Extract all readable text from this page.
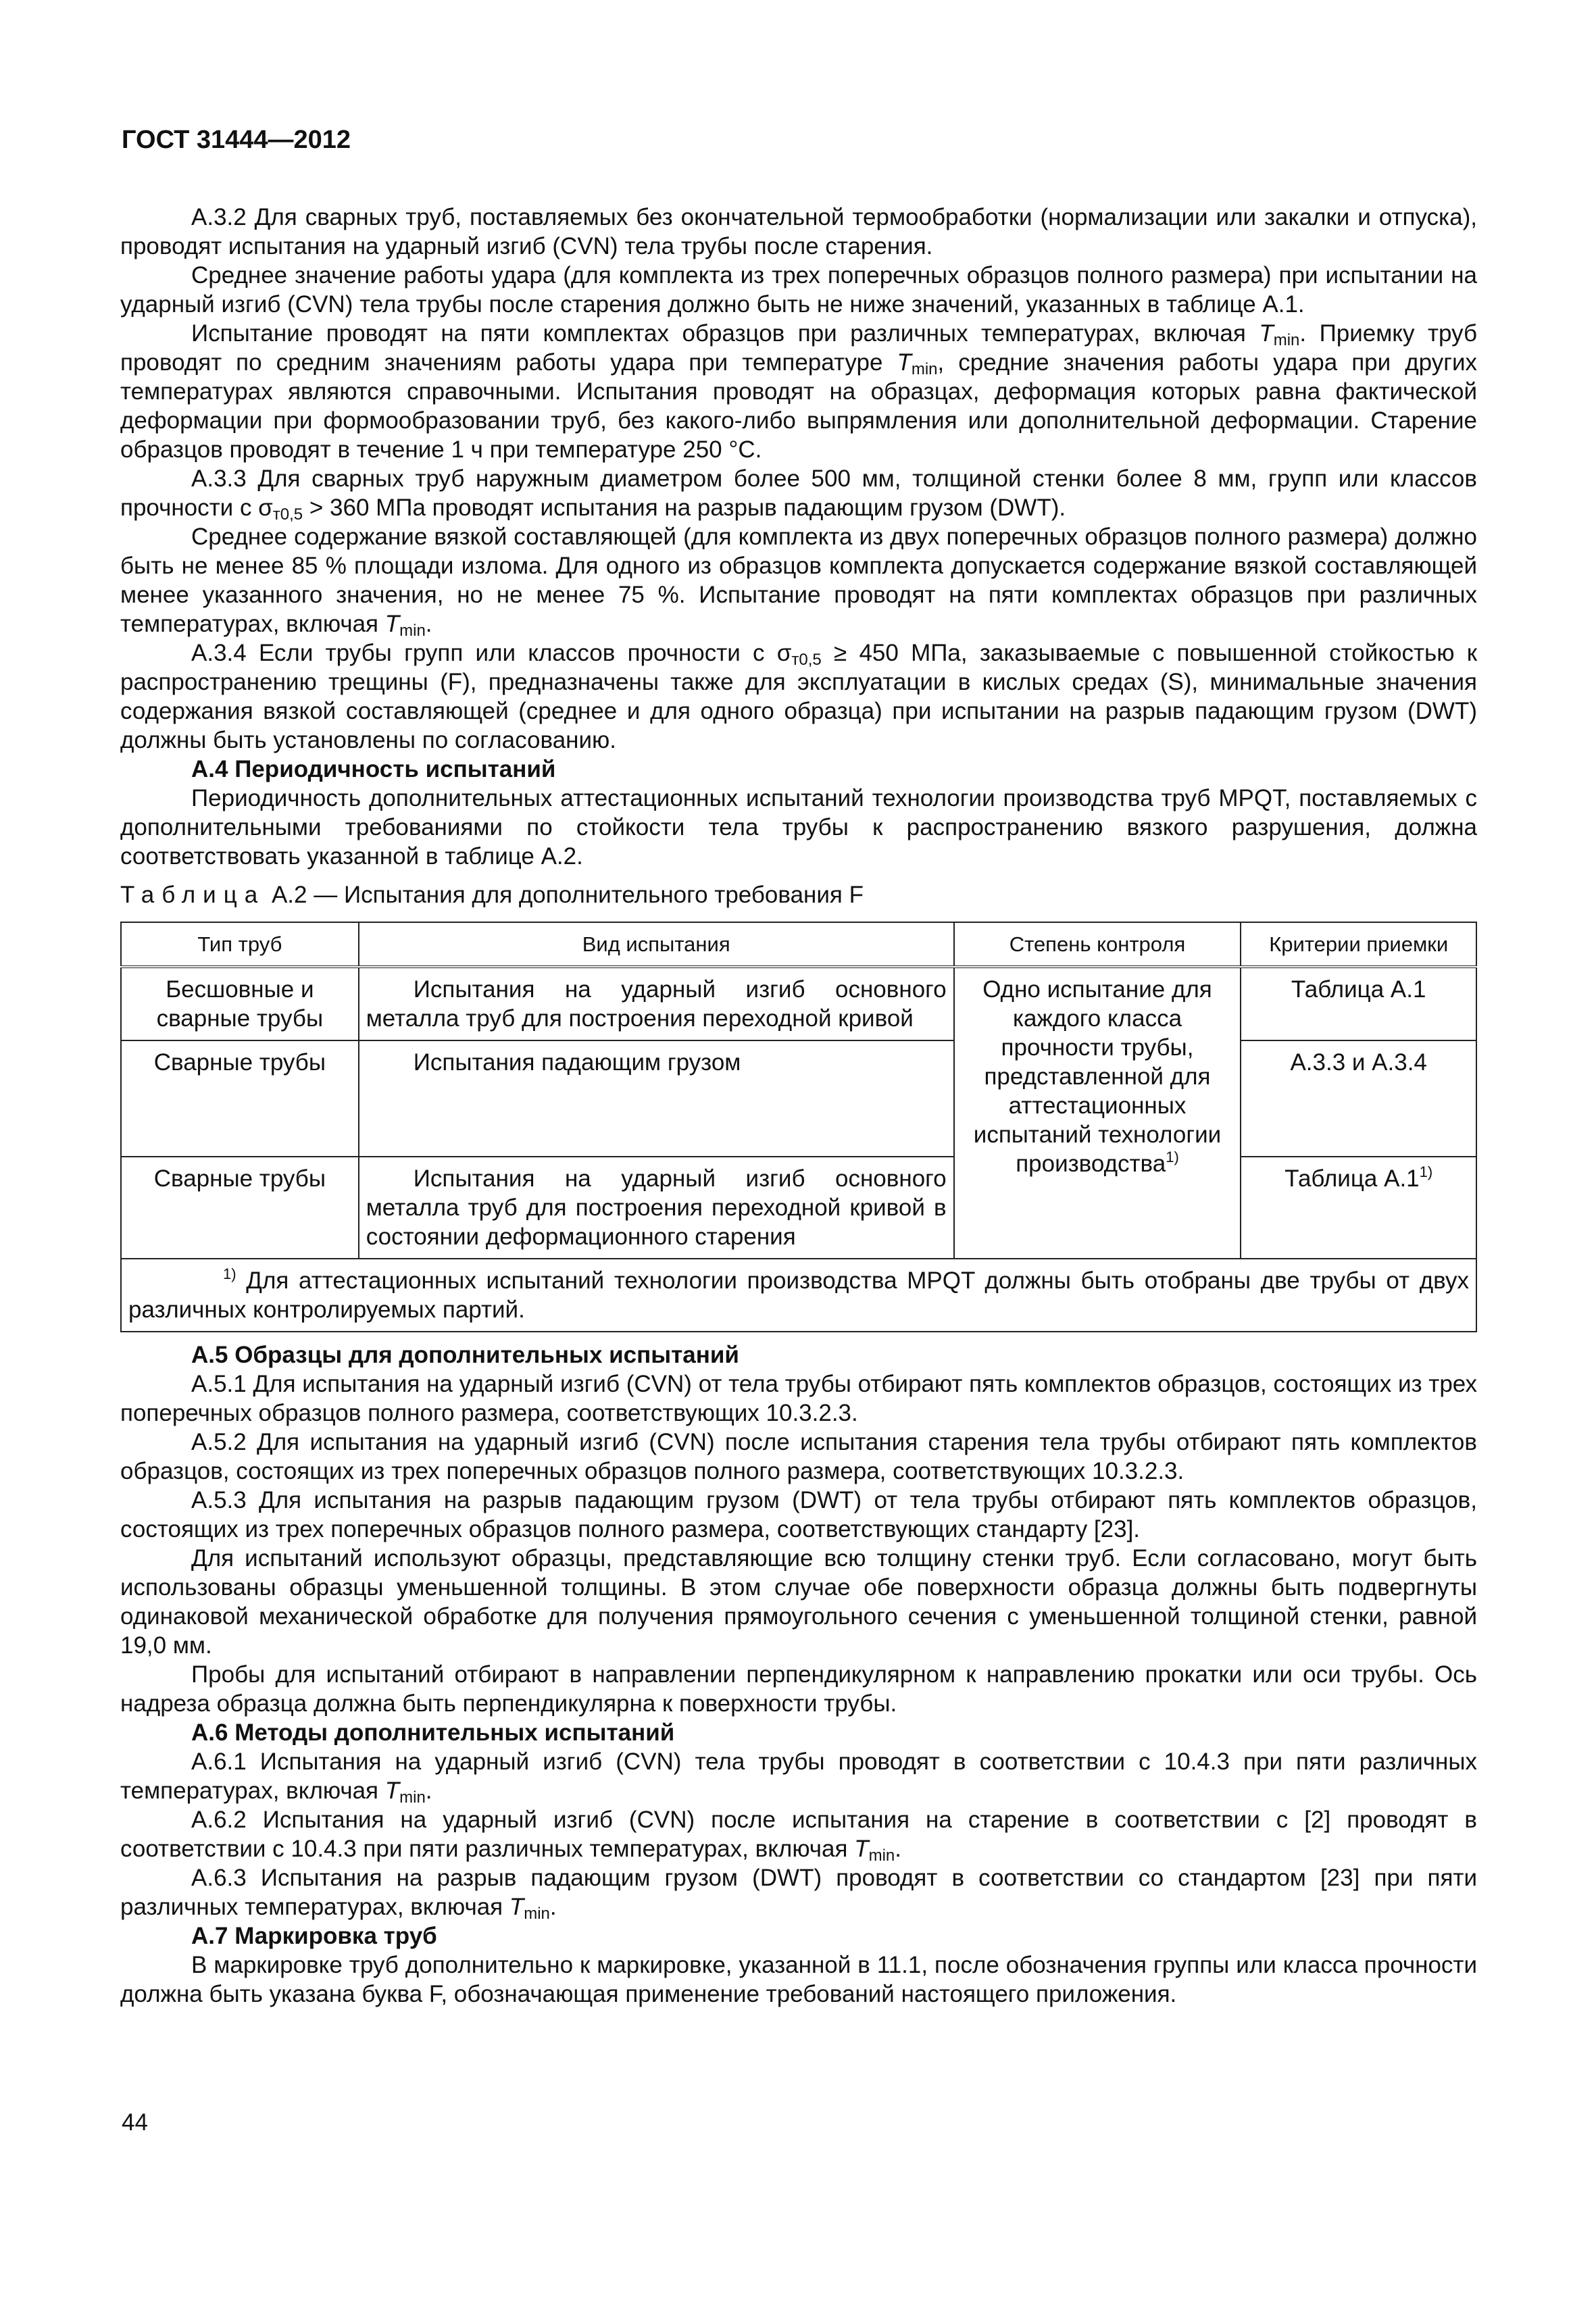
ГОСТ 31444—2012

А.3.2 Для сварных труб, поставляемых без окончательной термообработки (нормализации или закалки и отпуска), проводят испытания на ударный изгиб (CVN) тела трубы после старения.

Среднее значение работы удара (для комплекта из трех поперечных образцов полного размера) при испытании на ударный изгиб (CVN) тела трубы после старения должно быть не ниже значений, указанных в таблице А.1.

Испытание проводят на пяти комплектах образцов при различных температурах, включая $T_{min}$. Приемку труб проводят по средним значениям работы удара при температуре $T_{min}$, средние значения работы удара при других температурах являются справочными. Испытания проводят на образцах, деформация которых равна фактической деформации при формообразовании труб, без какого-либо выпрямления или дополнительной деформации. Старение образцов проводят в течение 1 ч при температуре 250 °С.

А.3.3 Для сварных труб наружным диаметром более 500 мм, толщиной стенки более 8 мм, групп или классов прочности с $\sigma_{т0,5} > 360$ МПа проводят испытания на разрыв падающим грузом (DWT).

Среднее содержание вязкой составляющей (для комплекта из двух поперечных образцов полного размера) должно быть не менее 85 % площади излома. Для одного из образцов комплекта допускается содержание вязкой составляющей менее указанного значения, но не менее 75 %. Испытание проводят на пяти комплектах образцов при различных температурах, включая $T_{min}$.

А.3.4 Если трубы групп или классов прочности с $\sigma_{т0,5} \ge 450$ МПа, заказываемые с повышенной стойкостью к распространению трещины (F), предназначены также для эксплуатации в кислых средах (S), минимальные значения содержания вязкой составляющей (среднее и для одного образца) при испытании на разрыв падающим грузом (DWT) должны быть установлены по согласованию.

А.4 Периодичность испытаний

Периодичность дополнительных аттестационных испытаний технологии производства труб MPQT, поставляемых с дополнительными требованиями по стойкости тела трубы к распространению вязкого разрушения, должна соответствовать указанной в таблице А.2.

Таблица А.2 — Испытания для дополнительного требования F

Тип труб	Вид испытания	Степень контроля	Критерии приемки
Бесшовные и сварные трубы	Испытания на ударный изгиб основного металла труб для построения переходной кривой	Одно испытание для каждого класса прочности трубы, представленной для аттестационных испытаний технологии производства$^{1)}$	Таблица А.1
Сварные трубы	Испытания падающим грузом		А.3.3 и А.3.4
Сварные трубы	Испытания на ударный изгиб основного металла труб для построения переходной кривой в состоянии деформационного старения		Таблица А.1$^{1)}$
$^{1)}$ Для аттестационных испытаний технологии производства MPQT должны быть отобраны две трубы от двух различных контролируемых партий.			

А.5 Образцы для дополнительных испытаний

А.5.1 Для испытания на ударный изгиб (CVN) от тела трубы отбирают пять комплектов образцов, состоящих из трех поперечных образцов полного размера, соответствующих 10.3.2.3.

А.5.2 Для испытания на ударный изгиб (CVN) после испытания старения тела трубы отбирают пять комплектов образцов, состоящих из трех поперечных образцов полного размера, соответствующих 10.3.2.3.

А.5.3 Для испытания на разрыв падающим грузом (DWT) от тела трубы отбирают пять комплектов образцов, состоящих из трех поперечных образцов полного размера, соответствующих стандарту [23].

Для испытаний используют образцы, представляющие всю толщину стенки труб. Если согласовано, могут быть использованы образцы уменьшенной толщины. В этом случае обе поверхности образца должны быть подвергнуты одинаковой механической обработке для получения прямоугольного сечения с уменьшенной толщиной стенки, равной 19,0 мм.

Пробы для испытаний отбирают в направлении перпендикулярном к направлению прокатки или оси трубы. Ось надреза образца должна быть перпендикулярна к поверхности трубы.

А.6 Методы дополнительных испытаний

А.6.1 Испытания на ударный изгиб (CVN) тела трубы проводят в соответствии с 10.4.3 при пяти различных температурах, включая $T_{min}$.

А.6.2 Испытания на ударный изгиб (CVN) после испытания на старение в соответствии с [2] проводят в соответствии с 10.4.3 при пяти различных температурах, включая $T_{min}$.

А.6.3 Испытания на разрыв падающим грузом (DWT) проводят в соответствии со стандартом [23] при пяти различных температурах, включая $T_{min}$.

А.7 Маркировка труб

В маркировке труб дополнительно к маркировке, указанной в 11.1, после обозначения группы или класса прочности должна быть указана буква F, обозначающая применение требований настоящего приложения.

44
